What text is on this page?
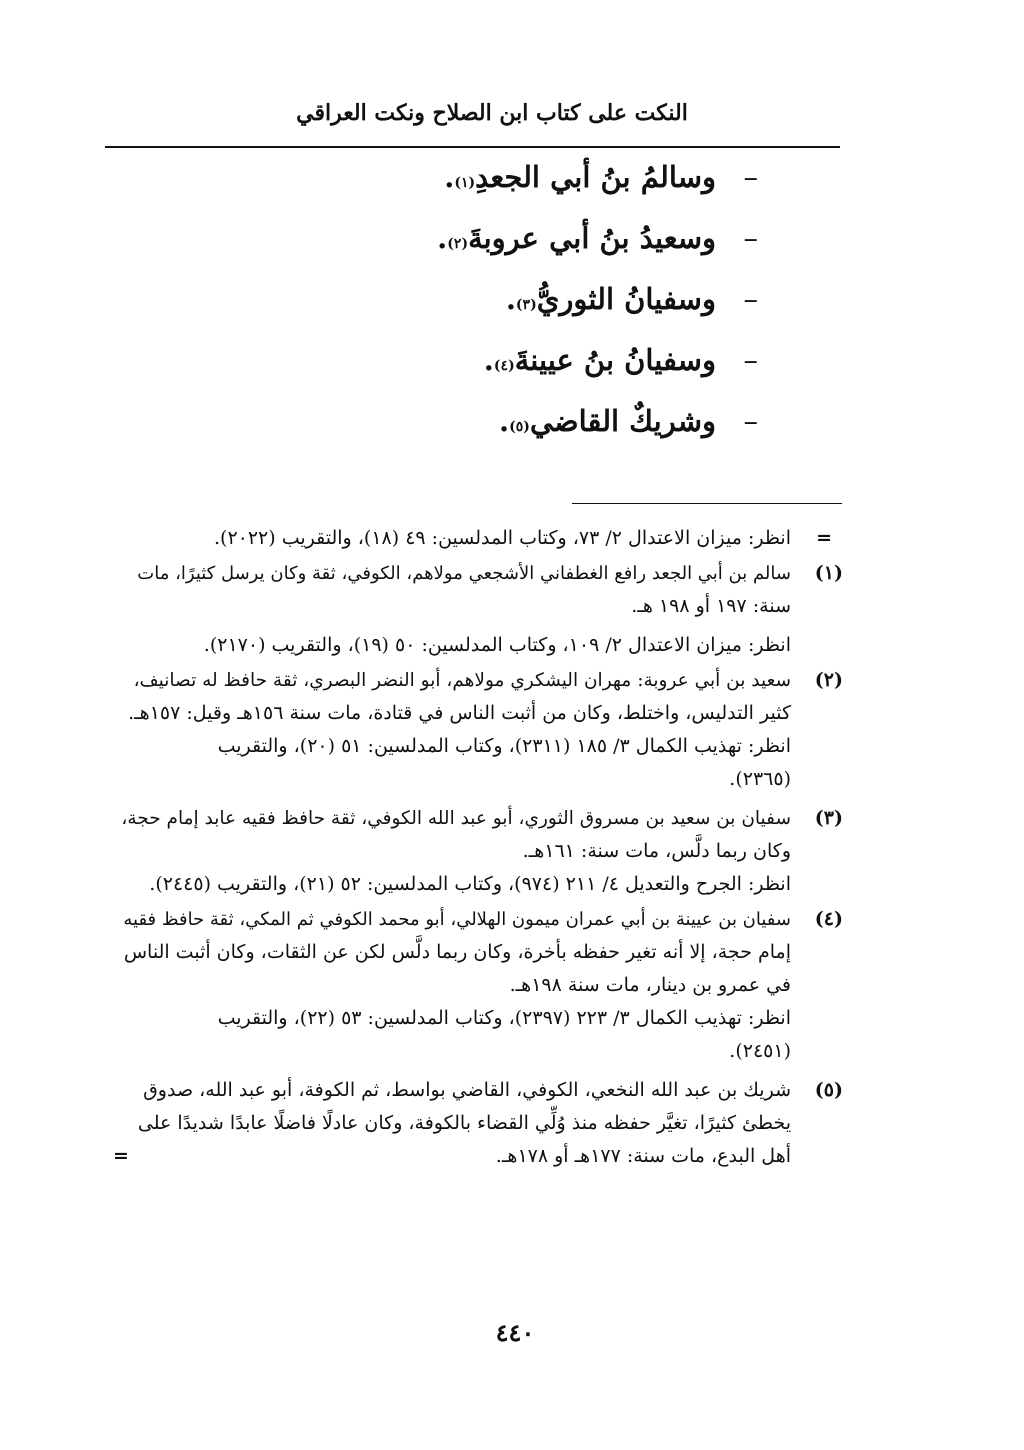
النكت على كتاب ابن الصلاح ونكت العراقي
–
وسالمُ بنُ أبي الجعدِ
(١)
.
–
وسعيدُ بنُ أبي عروبةَ
(٢)
.
–
وسفيانُ الثوريُّ
(٣)
.
–
وسفيانُ بنُ عيينةَ
(٤)
.
–
وشريكٌ القاضي
(٥)
.
=
انظر: ميزان الاعتدال ٢/ ٧٣، وكتاب المدلسين: ٤٩ (١٨)، والتقريب (٢٠٢٢).
(١)
سالم بن أبي الجعد رافع الغطفاني الأشجعي مولاهم، الكوفي، ثقة وكان يرسل كثيرًا، مات
سنة: ١٩٧ أو ١٩٨ هـ.
انظر: ميزان الاعتدال ٢/ ١٠٩، وكتاب المدلسين: ٥٠ (١٩)، والتقريب (٢١٧٠).
(٢)
سعيد بن أبي عروبة: مهران اليشكري مولاهم، أبو النضر البصري، ثقة حافظ له تصانيف،
كثير التدليس، واختلط، وكان من أثبت الناس في قتادة، مات سنة ١٥٦هـ وقيل: ١٥٧هـ.
انظر: تهذيب الكمال ٣/ ١٨٥ (٢٣١١)، وكتاب المدلسين: ٥١ (٢٠)، والتقريب
(٢٣٦٥).
(٣)
سفيان بن سعيد بن مسروق الثوري، أبو عبد الله الكوفي، ثقة حافظ فقيه عابد إمام حجة،
وكان ربما دلَّس، مات سنة: ١٦١هـ.
انظر: الجرح والتعديل ٤/ ٢١١ (٩٧٤)، وكتاب المدلسين: ٥٢ (٢١)، والتقريب (٢٤٤٥).
(٤)
سفيان بن عيينة بن أبي عمران ميمون الهلالي، أبو محمد الكوفي ثم المكي، ثقة حافظ فقيه
إمام حجة، إلا أنه تغير حفظه بأخرة، وكان ربما دلَّس لكن عن الثقات، وكان أثبت الناس
في عمرو بن دينار، مات سنة ١٩٨هـ.
انظر: تهذيب الكمال ٣/ ٢٢٣ (٢٣٩٧)، وكتاب المدلسين: ٥٣ (٢٢)، والتقريب
(٢٤٥١).
(٥)
شريك بن عبد الله النخعي، الكوفي، القاضي بواسط، ثم الكوفة، أبو عبد الله، صدوق
يخطئ كثيرًا، تغيَّر حفظه منذ وُلِّي القضاء بالكوفة، وكان عادلًا فاضلًا عابدًا شديدًا على
أهل البدع، مات سنة: ١٧٧هـ أو ١٧٨هـ.
=
٤٤٠
